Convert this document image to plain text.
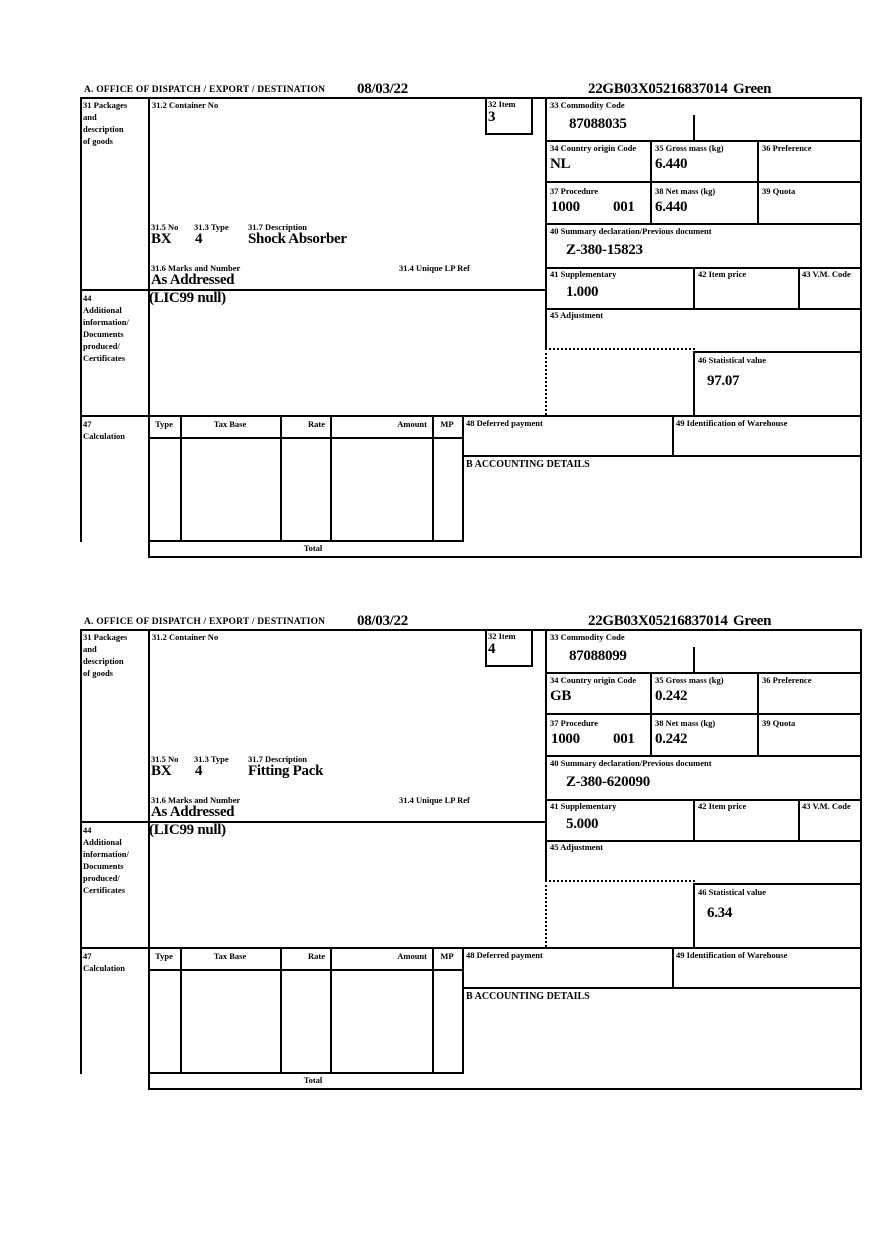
A. OFFICE OF DISPATCH / EXPORT / DESTINATION 08/03/22	22GB03X05216837014 Green
31 Packages
and
description
of goods
44
Additional
information/
Documents
produced/
Certificates
47
Calculation
31.2 Container No	32 Item
3
31.5 No 31.3 Type 31.7 Description
BX 4	Shock Absorber
31.6 Marks and Number	31.4 Unique LP Ref
As Addressed
(LIC99 null)
33 Commodity Code
87088035
34 Country origin Code
NL
35 Gross mass (kg)
6.440
36 Preference
37 Procedure
1000 001
38 Net mass (kg)
6.440
39 Quota
40 Summary declaration/Previous document
Z-380-15823
41 Supplementary
1.000
42 Item price	43 V.M. Code
45 Adjustment
46 Statistical value
97.07
Type	Tax Base	Rate	Amount	MP
Total
48 Deferred payment	49 Identification of Warehouse
B ACCOUNTING DETAILS
A. OFFICE OF DISPATCH / EXPORT / DESTINATION 08/03/22	22GB03X05216837014 Green
31 Packages
and
description
of goods
44
Additional
information/
Documents
produced/
Certificates
47
Calculation
31.2 Container No	32 Item
4
31.5 No 31.3 Type 31.7 Description
BX 4	Fitting Pack
31.6 Marks and Number	31.4 Unique LP Ref
As Addressed
(LIC99 null)
33 Commodity Code
87088099
34 Country origin Code
GB
35 Gross mass (kg)
0.242
36 Preference
37 Procedure
1000 001
38 Net mass (kg)
0.242
39 Quota
40 Summary declaration/Previous document
Z-380-620090
41 Supplementary
5.000
42 Item price	43 V.M. Code
45 Adjustment
46 Statistical value
6.34
Type	Tax Base	Rate	Amount	MP
Total
48 Deferred payment	49 Identification of Warehouse
B ACCOUNTING DETAILS
